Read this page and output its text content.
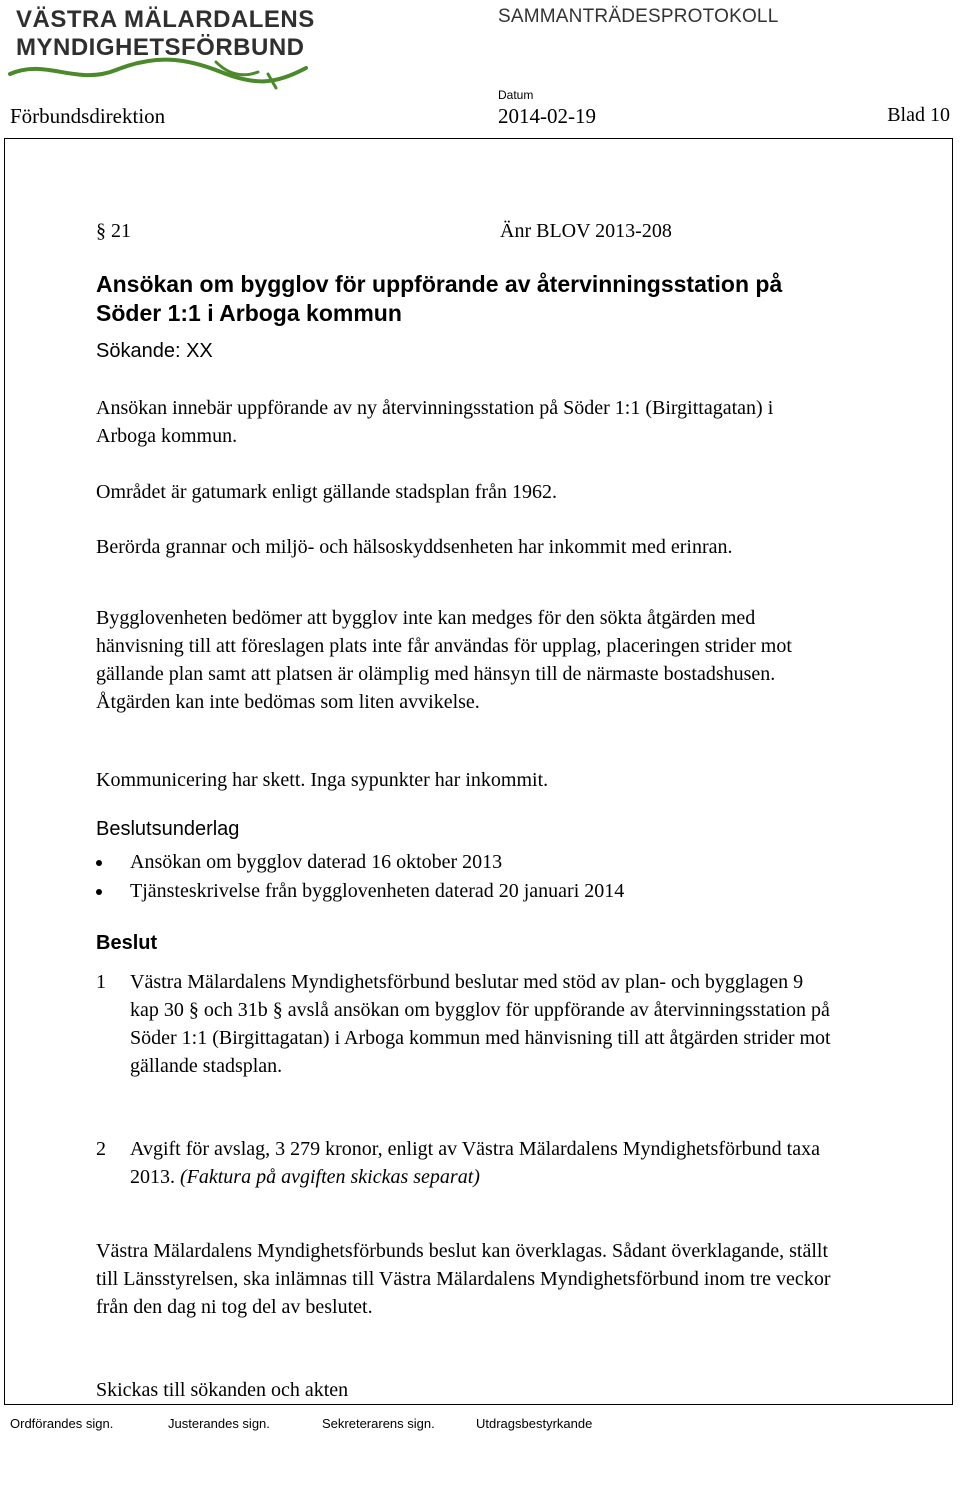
VÄSTRA MÄLARDALENS
MYNDIGHETSFÖRBUND
SAMMANTRÄDESPROTOKOLL
Datum
Förbundsdirektion	2014-02-19	Blad 10
§ 21	Änr BLOV 2013-208
Ansökan om bygglov för uppförande av återvinningsstation på Söder 1:1 i Arboga kommun
Sökande: XX
Ansökan innebär uppförande av ny återvinningsstation på Söder 1:1 (Birgittagatan) i Arboga kommun.
Området är gatumark enligt gällande stadsplan från 1962.
Berörda grannar och miljö- och hälsoskyddsenheten har inkommit med erinran.
Bygglovenheten bedömer att bygglov inte kan medges för den sökta åtgärden med hänvisning till att föreslagen plats inte får användas för upplag, placeringen strider mot gällande plan samt att platsen är olämplig med hänsyn till de närmaste bostadshusen. Åtgärden kan inte bedömas som liten avvikelse.
Kommunicering har skett. Inga sypunkter har inkommit.
Beslutsunderlag
Ansökan om bygglov daterad 16 oktober 2013
Tjänsteskrivelse från bygglovenheten daterad 20 januari 2014
Beslut
1 Västra Mälardalens Myndighetsförbund beslutar med stöd av plan- och bygglagen 9 kap 30 § och 31b § avslå ansökan om bygglov för uppförande av återvinningsstation på Söder 1:1 (Birgittagatan) i Arboga kommun med hänvisning till att åtgärden strider mot gällande stadsplan.
2 Avgift för avslag, 3 279 kronor, enligt av Västra Mälardalens Myndighetsförbund taxa 2013. (Faktura på avgiften skickas separat)
Västra Mälardalens Myndighetsförbunds beslut kan överklagas. Sådant överklagande, ställt till Länsstyrelsen, ska inlämnas till Västra Mälardalens Myndighetsförbund inom tre veckor från den dag ni tog del av beslutet.
Skickas till sökanden och akten
Ordförandes sign.	Justerandes sign.	Sekreterarens sign.	Utdragsbestyrkande
